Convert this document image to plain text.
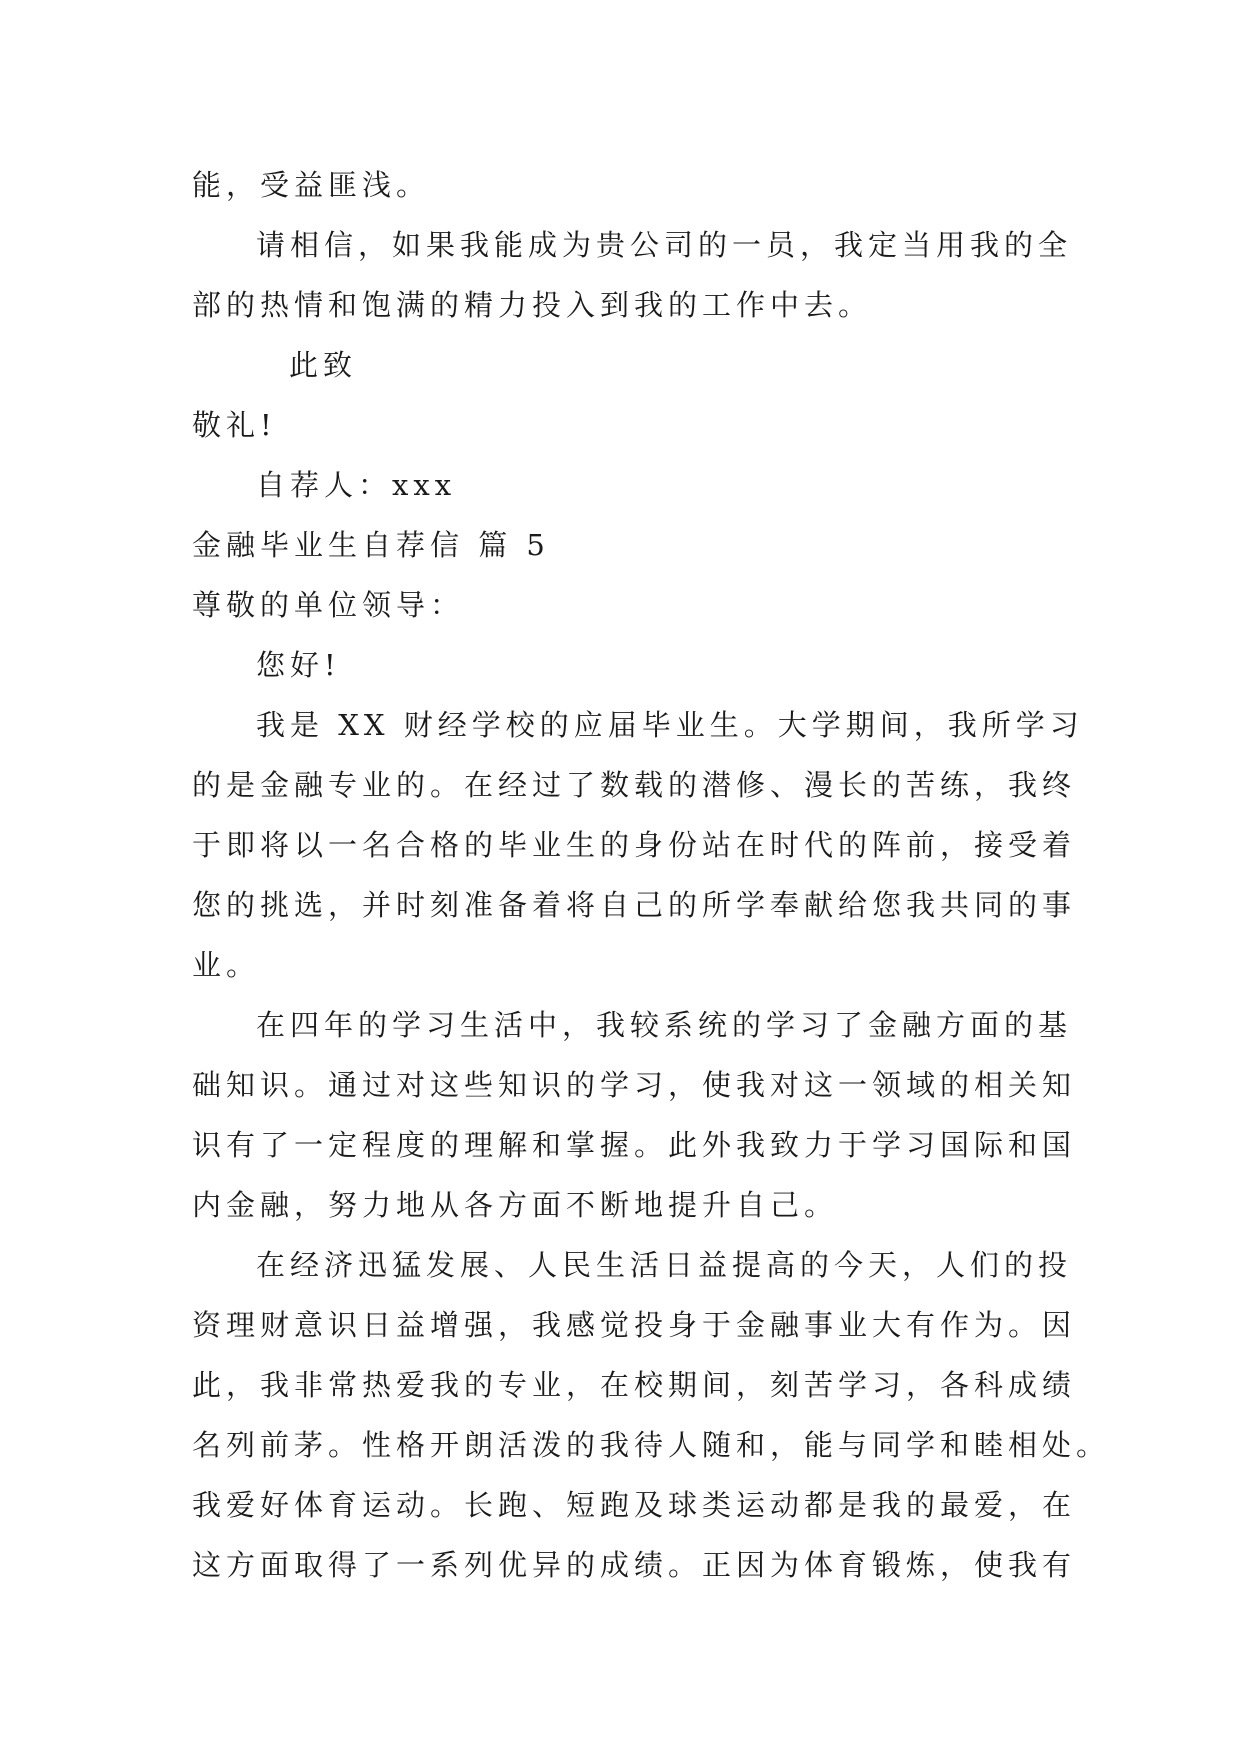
能，受益匪浅。
请相信，如果我能成为贵公司的一员，我定当用我的全
部的热情和饱满的精力投入到我的工作中去。
此致
敬礼!
自荐人：xxx
金融毕业生自荐信 篇 5
尊敬的单位领导：
您好!
我是 XX 财经学校的应届毕业生。大学期间，我所学习
的是金融专业的。在经过了数载的潜修、漫长的苦练，我终
于即将以一名合格的毕业生的身份站在时代的阵前，接受着
您的挑选，并时刻准备着将自己的所学奉献给您我共同的事
业。
在四年的学习生活中，我较系统的学习了金融方面的基
础知识。通过对这些知识的学习，使我对这一领域的相关知
识有了一定程度的理解和掌握。此外我致力于学习国际和国
内金融，努力地从各方面不断地提升自己。
在经济迅猛发展、人民生活日益提高的今天，人们的投
资理财意识日益增强，我感觉投身于金融事业大有作为。因
此，我非常热爱我的专业，在校期间，刻苦学习，各科成绩
名列前茅。性格开朗活泼的我待人随和，能与同学和睦相处。
我爱好体育运动。长跑、短跑及球类运动都是我的最爱，在
这方面取得了一系列优异的成绩。正因为体育锻炼，使我有
